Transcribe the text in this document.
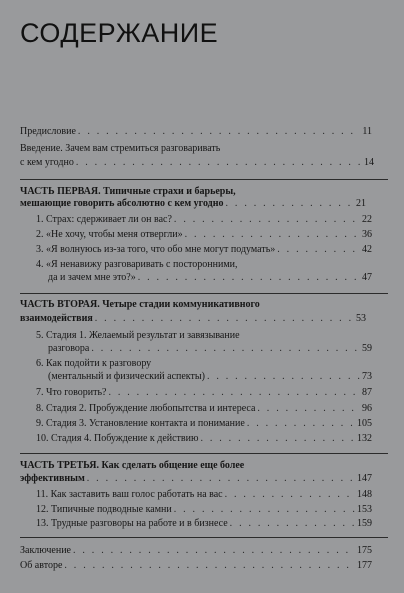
СОДЕРЖАНИЕ
Предисловие . . .	11
Введение. Зачем вам стремиться разговаривать
с кем угодно . . .	14
ЧАСТЬ ПЕРВАЯ. Типичные страхи и барьеры,
мешающие говорить абсолютно с кем угодно . . .	21
1. Страх: сдерживает ли он вас? . . .	22
2. «Не хочу, чтобы меня отвергли» . . .	36
3. «Я волнуюсь из-за того, что обо мне могут подумать» . . .	42
4. «Я ненавижу разговаривать с посторонними,
да и зачем мне это?» . . .	47
ЧАСТЬ ВТОРАЯ. Четыре стадии коммуникативного
взаимодействия . . .	53
5. Стадия 1. Желаемый результат и завязывание
разговора . . .	59
6. Как подойти к разговору
(ментальный и физический аспекты) . . .	73
7. Что говорить? . . .	87
8. Стадия 2. Пробуждение любопытства и интереса . . .	96
9. Стадия 3. Установление контакта и понимание . . .	105
10. Стадия 4. Побуждение к действию . . .	132
ЧАСТЬ ТРЕТЬЯ. Как сделать общение еще более
эффективным . . .	147
11. Как заставить ваш голос работать на вас . . .	148
12. Типичные подводные камни . . .	153
13. Трудные разговоры на работе и в бизнесе . . .	159
Заключение . . .	175
Об авторе . . .	177
